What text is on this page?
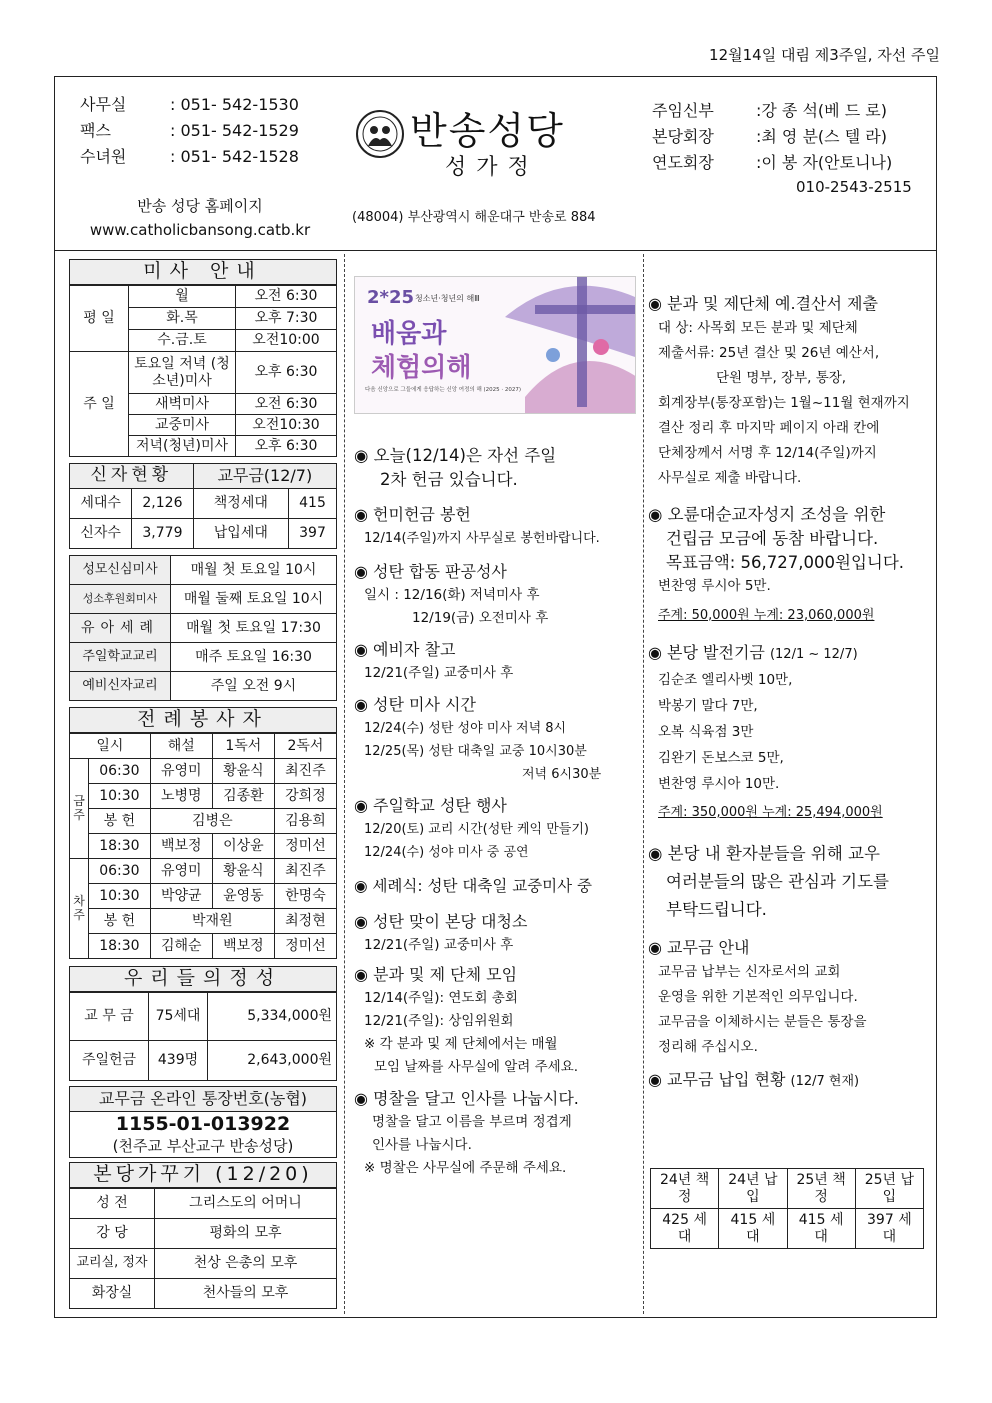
12월14일 대림 제3주일, 자선 주일
사무실	: 051- 542-1530
팩스	: 051- 542-1529
수녀원	: 051- 542-1528
반송 성당 홈페이지
www.catholicbansong.catb.kr
반송성당
성가정
(48004) 부산광역시 해운대구 반송로 884
주임신부	:강 종 석(베 드 로)
본당회장	:최 영 분(스 텔 라)
연도회장	:이 봉 자(안토니나)
010-2543-2515
미사 안내
평 일	월	오전 6:30
	화.목	오후 7:30
	수.금.토	오전10:00
주 일	토요일 저녁 (청소년)미사	오후 6:30
	새벽미사	오전 6:30
	교중미사	오전10:30
	저녁(청년)미사	오후 6:30
신자현황		교무금(12/7)	
세대수	2,126	책정세대	415
신자수	3,779	납입세대	397
성모신심미사	매월 첫 토요일 10시
성소후원회미사	매월 둘째 토요일 10시
유아세례	매월 첫 토요일 17:30
주일학교교리	매주 토요일 16:30
예비신자교리	주일 오전 9시
전례봉사자
일시		해설	1독서	2독서
금 주	06:30	유영미	황윤식	최진주
	10:30	노병명	김종환	강희정
	봉 헌	김병은		김용희
	18:30	백보정	이상윤	정미선
차 주	06:30	유영미	황윤식	최진주
	10:30	박양균	윤영동	한명숙
	봉 헌	박재원		최정현
	18:30	김해순	백보정	정미선
우리들의정성
교 무 금	75세대	5,334,000원
주일헌금	439명	2,643,000원
교무금 온라인 통장번호(농협)
1155-01-013922
(천주교 부산교구 반송성당)
본당가꾸기 (12/20)
성 전	그리스도의 어머니
강 당	평화의 모후
교리실, 정자	천상 은총의 모후
화장실	천사들의 모후
2*25 청소년·청년의 해Ⅲ
배움과
체험의해
다음 신앙으로 그들에게 응답하는 신앙 여정의 해 (2025 · 2027)
◉ 오늘(12/14)은 자선 주일
2차 헌금 있습니다.
◉ 헌미헌금 봉헌
12/14(주일)까지 사무실로 봉헌바랍니다.
◉ 성탄 합동 판공성사
일시 : 12/16(화) 저녁미사 후
12/19(금) 오전미사 후
◉ 예비자 찰고
12/21(주일) 교중미사 후
◉ 성탄 미사 시간
12/24(수) 성탄 성야 미사 저녁 8시
12/25(목) 성탄 대축일 교중 10시30분
저녁 6시30분
◉ 주일학교 성탄 행사
12/20(토) 교리 시간(성탄 케익 만들기)
12/24(수) 성야 미사 중 공연
◉ 세례식: 성탄 대축일 교중미사 중
◉ 성탄 맞이 본당 대청소
12/21(주일) 교중미사 후
◉ 분과 및 제 단체 모임
12/14(주일): 연도회 총회
12/21(주일): 상임위원회
※ 각 분과 및 제 단체에서는 매월
모임 날짜를 사무실에 알려 주세요.
◉ 명찰을 달고 인사를 나눕시다.
명찰을 달고 이름을 부르며 정겹게
인사를 나눕시다.
※ 명찰은 사무실에 주문해 주세요.
◉ 분과 및 제단체 예.결산서 제출
대 상: 사목회 모든 분과 및 제단체
제출서류: 25년 결산 및 26년 예산서,
단원 명부, 장부, 통장,
회계장부(통장포함)는 1월~11월 현재까지
결산 정리 후 마지막 페이지 아래 칸에
단체장께서 서명 후 12/14(주일)까지
사무실로 제출 바랍니다.
◉ 오륜대순교자성지 조성을 위한
건립금 모금에 동참 바랍니다.
목표금액: 56,727,000원입니다.
변찬영 루시아 5만.
주계: 50,000원 누계: 23,060,000원
◉ 본당 발전기금 (12/1 ~ 12/7)
김순조 엘리사벳 10만,
박봉기 말다 7만,
오복 식육점 3만
김완기 돈보스코 5만,
변찬영 루시아 10만.
주계: 350,000원 누계: 25,494,000원
◉ 본당 내 환자분들을 위해 교우
여러분들의 많은 관심과 기도를
부탁드립니다.
◉ 교무금 안내
교무금 납부는 신자로서의 교회
운영을 위한 기본적인 의무입니다.
교무금을 이체하시는 분들은 통장을
정리해 주십시오.
◉ 교무금 납입 현황 (12/7 현재)
24년 책정	24년 납입	25년 책정	25년 납입
425 세대	415 세대	415 세대	397 세대
